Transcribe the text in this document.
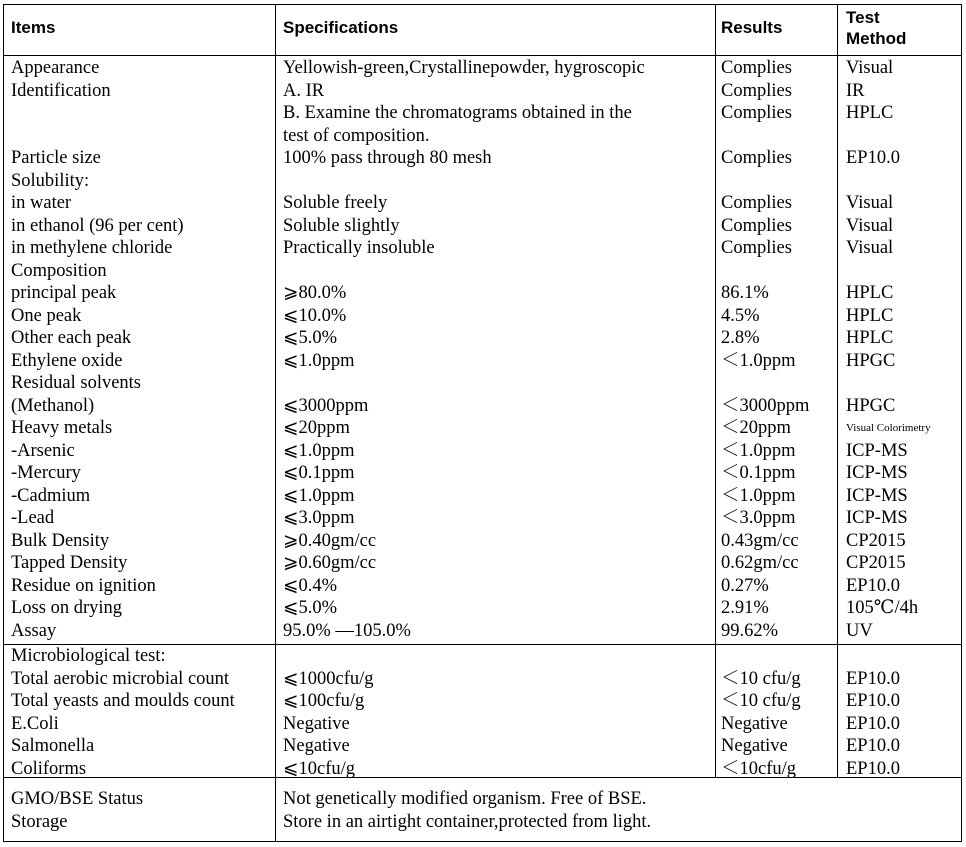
Items	Specifications	Results
Test
Method
Appearance
Identification
Particle size
Solubility:
in water
in ethanol (96 per cent)
in methylene chloride
Composition
principal peak
One peak
Other each peak
Ethylene oxide
Residual solvents
(Methanol)
Heavy metals
-Arsenic
-Mercury
-Cadmium
-Lead
Bulk Density
Tapped Density
Residue on ignition
Loss on drying
Assay
Yellowish-green,Crystallinepowder, hygroscopic
A. IR
B. Examine the chromatograms obtained in the
test of composition.
100% pass through 80 mesh
Soluble freely
Soluble slightly
Practically insoluble
⩾80.0%
⩽10.0%
⩽5.0%
⩽1.0ppm
⩽3000ppm
⩽20ppm
⩽1.0ppm
⩽0.1ppm
⩽1.0ppm
⩽3.0ppm
⩾0.40gm/cc
⩾0.60gm/cc
⩽0.4%
⩽5.0%
95.0% —105.0%
Complies
Complies
Complies
Complies
Complies
Complies
Complies
86.1%
4.5%
2.8%
＜1.0ppm
＜3000ppm
＜20ppm
＜1.0ppm
＜0.1ppm
＜1.0ppm
＜3.0ppm
0.43gm/cc
0.62gm/cc
0.27%
2.91%
99.62%
Visual
IR
HPLC
EP10.0
Visual
Visual
Visual
HPLC
HPLC
HPLC
HPGC
HPGC
Visual Colorimetry
ICP-MS
ICP-MS
ICP-MS
ICP-MS
CP2015
CP2015
EP10.0
105℃/4h
UV
Microbiological test:
Total aerobic microbial count
Total yeasts and moulds count
E.Coli
Salmonella
Coliforms
⩽1000cfu/g
⩽100cfu/g
Negative
Negative
⩽10cfu/g
＜10 cfu/g
＜10 cfu/g
Negative
Negative
＜10cfu/g
EP10.0
EP10.0
EP10.0
EP10.0
EP10.0
GMO/BSE Status
Storage
Not genetically modified organism. Free of BSE.
Store in an airtight container,protected from light.
